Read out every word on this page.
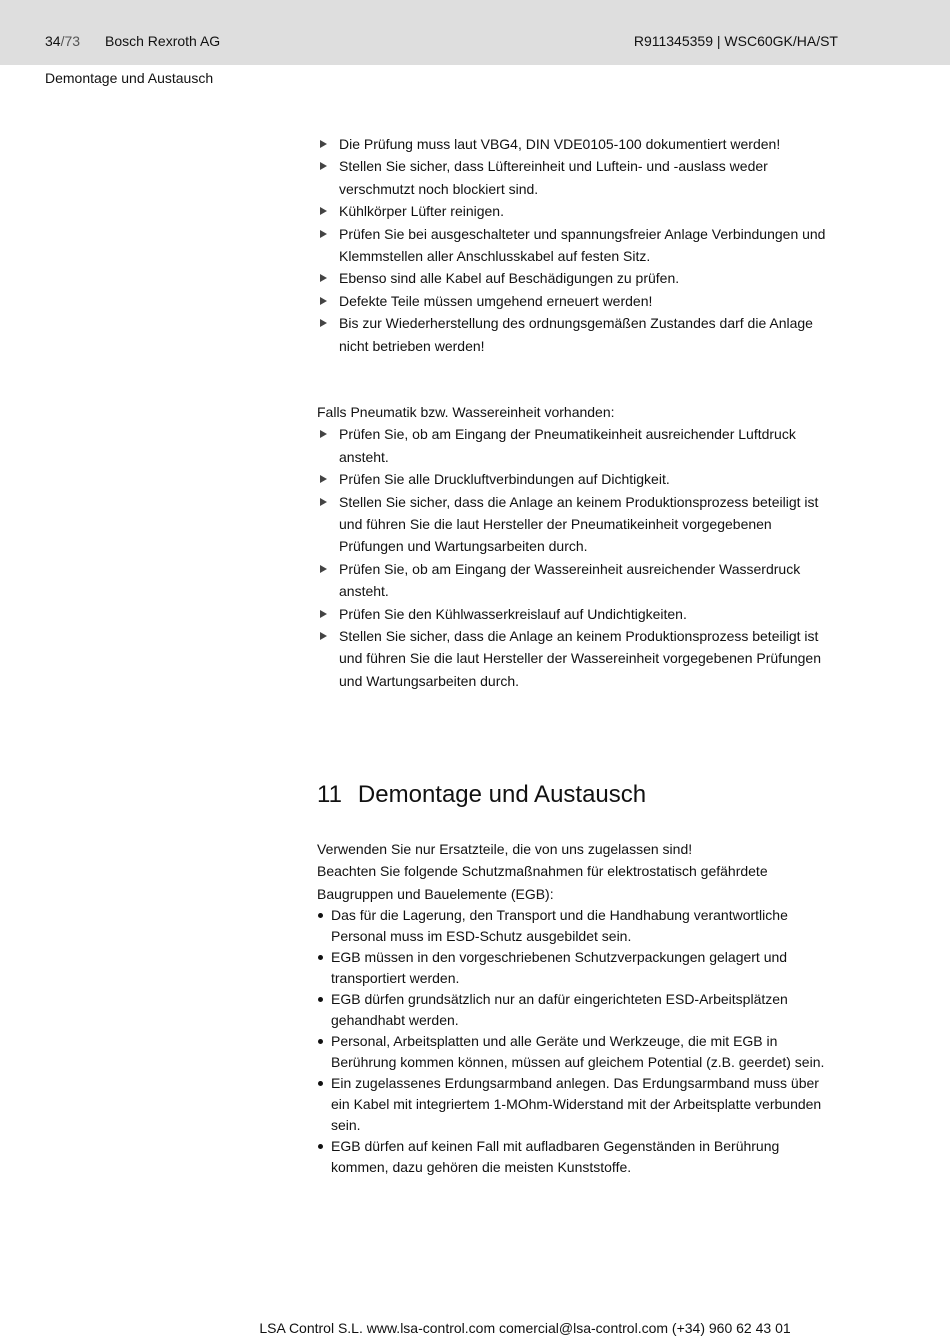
34/73 Bosch Rexroth AG	R911345359 | WSC60GK/HA/ST
Demontage und Austausch
Die Prüfung muss laut VBG4, DIN VDE0105-100 dokumentiert werden!
Stellen Sie sicher, dass Lüftereinheit und Luftein- und -auslass weder verschmutzt noch blockiert sind.
Kühlkörper Lüfter reinigen.
Prüfen Sie bei ausgeschalteter und spannungsfreier Anlage Verbindungen und Klemmstellen aller Anschlusskabel auf festen Sitz.
Ebenso sind alle Kabel auf Beschädigungen zu prüfen.
Defekte Teile müssen umgehend erneuert werden!
Bis zur Wiederherstellung des ordnungsgemäßen Zustandes darf die Anlage nicht betrieben werden!
Falls Pneumatik bzw. Wassereinheit vorhanden:
Prüfen Sie, ob am Eingang der Pneumatikeinheit ausreichender Luftdruck ansteht.
Prüfen Sie alle Druckluftverbindungen auf Dichtigkeit.
Stellen Sie sicher, dass die Anlage an keinem Produktionsprozess beteiligt ist und führen Sie die laut Hersteller der Pneumatikeinheit vorgegebenen Prüfungen und Wartungsarbeiten durch.
Prüfen Sie, ob am Eingang der Wassereinheit ausreichender Wasserdruck ansteht.
Prüfen Sie den Kühlwasserkreislauf auf Undichtigkeiten.
Stellen Sie sicher, dass die Anlage an keinem Produktionsprozess beteiligt ist und führen Sie die laut Hersteller der Wassereinheit vorgegebenen Prüfungen und Wartungsarbeiten durch.
11 Demontage und Austausch
Verwenden Sie nur Ersatzteile, die von uns zugelassen sind!
Beachten Sie folgende Schutzmaßnahmen für elektrostatisch gefährdete Baugruppen und Bauelemente (EGB):
Das für die Lagerung, den Transport und die Handhabung verantwortliche Personal muss im ESD-Schutz ausgebildet sein.
EGB müssen in den vorgeschriebenen Schutzverpackungen gelagert und transportiert werden.
EGB dürfen grundsätzlich nur an dafür eingerichteten ESD-Arbeitsplätzen gehandhabt werden.
Personal, Arbeitsplatten und alle Geräte und Werkzeuge, die mit EGB in Berührung kommen können, müssen auf gleichem Potential (z.B. geerdet) sein.
Ein zugelassenes Erdungsarmband anlegen. Das Erdungsarmband muss über ein Kabel mit integriertem 1-MOhm-Widerstand mit der Arbeitsplatte verbunden sein.
EGB dürfen auf keinen Fall mit aufladbaren Gegenständen in Berührung kommen, dazu gehören die meisten Kunststoffe.
LSA Control S.L. www.lsa-control.com comercial@lsa-control.com (+34) 960 62 43 01
